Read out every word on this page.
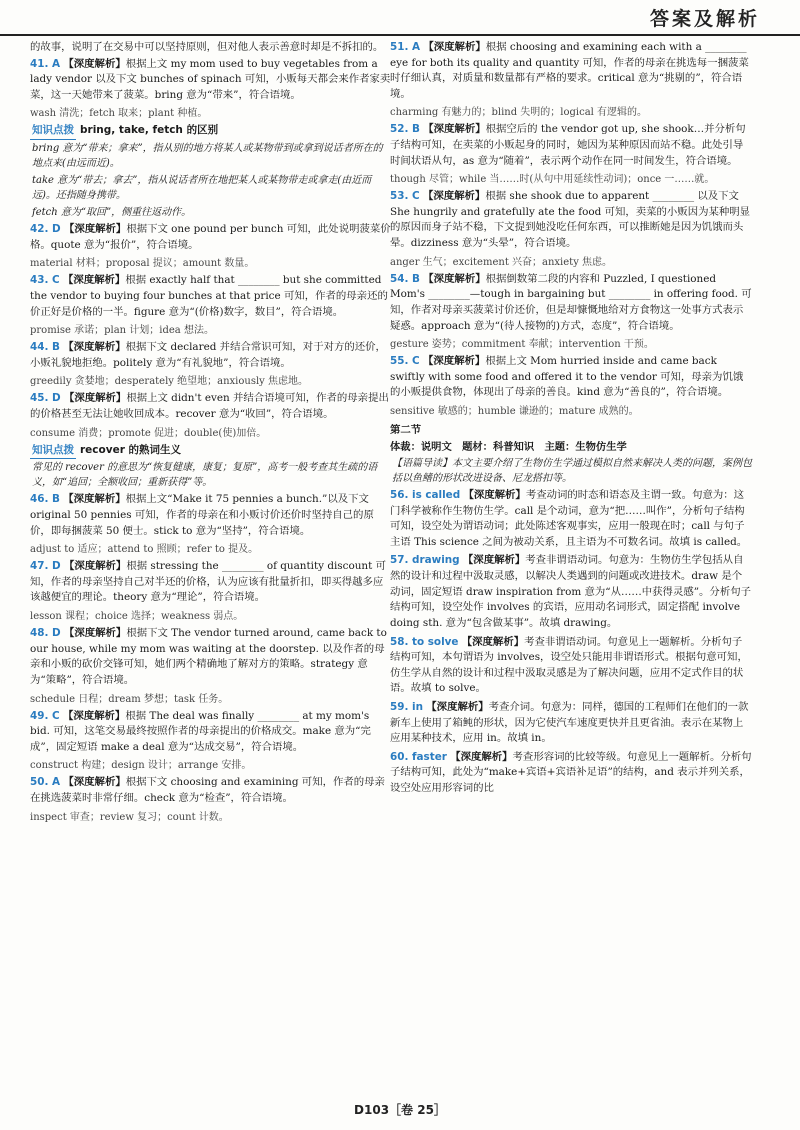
答案及解析

的故事，说明了在交易中可以坚持原则，但对他人表示善意时却是不拆扣的。

41. A 【深度解析】根据上文 my mom used to buy vegetables from a lady vendor 以及下文 bunches of spinach 可知，小贩每天都会来作者家卖菜，这一天她带来了菠菜。bring 意为“带来”，符合语境。

wash 清洗；fetch 取来；plant 种植。

知识点拨 bring, take, fetch 的区别

bring 意为“带来；拿来”，指从别的地方将某人或某物带到或拿到说话者所在的地点来(由远而近)。

take 意为“带去；拿去”，指从说话者所在地把某人或某物带走或拿走(由近而远)。还指随身携带。

fetch 意为“取回”，侧重往返动作。

42. D 【深度解析】根据下文 one pound per bunch 可知，此处说明菠菜价格。quote 意为“报价”，符合语境。

material 材料；proposal 提议；amount 数量。

43. C 【深度解析】根据 exactly half that ________ but she committed the vendor to buying four bunches at that price 可知，作者的母亲还的价正好是价格的一半。figure 意为“(价格)数字，数目”，符合语境。

promise 承诺；plan 计划；idea 想法。

44. B 【深度解析】根据下文 declared 并结合常识可知，对于对方的还价，小贩礼貌地拒绝。politely 意为“有礼貌地”，符合语境。

greedily 贪婪地；desperately 绝望地；anxiously 焦虑地。

45. D 【深度解析】根据上文 didn't even 并结合语境可知，作者的母亲提出的价格甚至无法让她收回成本。recover 意为“收回”，符合语境。

consume 消费；promote 促进；double(使)加倍。

知识点拨 recover 的熟词生义

常见的 recover 的意思为“恢复健康，康复；复原”，高考一般考查其生疏的语义，如“追回；全额收回；重新获得”等。

46. B 【深度解析】根据上文“Make it 75 pennies a bunch.”以及下文 original 50 pennies 可知，作者的母亲在和小贩讨价还价时坚持自己的原价，即每捆菠菜 50 便士。stick to 意为“坚持”，符合语境。

adjust to 适应；attend to 照顾；refer to 提及。

47. D 【深度解析】根据 stressing the ________ of quantity discount 可知，作者的母亲坚持自己对半还的价格，认为应该有批量折扣，即买得越多应该越便宜的理论。theory 意为“理论”，符合语境。

lesson 课程；choice 选择；weakness 弱点。

48. D 【深度解析】根据下文 The vendor turned around, came back to our house, while my mom was waiting at the doorstep. 以及作者的母亲和小贩的砍价交锋可知，她们两个精确地了解对方的策略。strategy 意为“策略”，符合语境。

schedule 日程；dream 梦想；task 任务。

49. C 【深度解析】根据 The deal was finally ________ at my mom's bid. 可知，这笔交易最终按照作者的母亲提出的价格成交。make 意为“完成”，固定短语 make a deal 意为“达成交易”，符合语境。

construct 构建；design 设计；arrange 安排。

50. A 【深度解析】根据下文 choosing and examining 可知，作者的母亲在挑选菠菜时非常仔细。check 意为“检查”，符合语境。

inspect 审查；review 复习；count 计数。

51. A 【深度解析】根据 choosing and examining each with a ________ eye for both its quality and quantity 可知，作者的母亲在挑选每一捆菠菜时仔细认真，对质量和数量都有严格的要求。critical 意为“挑剔的”，符合语境。

charming 有魅力的；blind 失明的；logical 有逻辑的。

52. B 【深度解析】根据空后的 the vendor got up, she shook…并分析句子结构可知，在卖菜的小贩起身的同时，她因为某种原因而站不稳。此处引导时间状语从句，as 意为“随着”，表示两个动作在同一时间发生，符合语境。

though 尽管；while 当……时(从句中用延续性动词)；once 一……就。

53. C 【深度解析】根据 she shook due to apparent ________ 以及下文 She hungrily and gratefully ate the food 可知，卖菜的小贩因为某种明显的原因而身子站不稳，下文提到她没吃任何东西，可以推断她是因为饥饿而头晕。dizziness 意为“头晕”，符合语境。

anger 生气；excitement 兴奋；anxiety 焦虑。

54. B 【深度解析】根据倒数第二段的内容和 Puzzled, I questioned Mom's ________—tough in bargaining but ________ in offering food. 可知，作者对母亲买菠菜讨价还价，但是却慷慨地给对方食物这一处事方式表示疑惑。approach 意为“(待人接物的)方式，态度”，符合语境。

gesture 姿势；commitment 奉献；intervention 干预。

55. C 【深度解析】根据上文 Mom hurried inside and came back swiftly with some food and offered it to the vendor 可知，母亲为饥饿的小贩提供食物，体现出了母亲的善良。kind 意为“善良的”，符合语境。

sensitive 敏感的；humble 谦逊的；mature 成熟的。

第二节

体裁：说明文　题材：科普知识　主题：生物仿生学

【语篇导读】本文主要介绍了生物仿生学通过模拟自然来解决人类的问题，案例包括以鱼鳍的形状改进设备、尼龙搭扣等。

56. is called 【深度解析】考查动词的时态和语态及主谓一致。句意为：这门科学被称作生物仿生学。call 是个动词，意为“把……叫作”，分析句子结构可知，设空处为谓语动词；此处陈述客观事实，应用一般现在时；call 与句子主语 This science 之间为被动关系，且主语为不可数名词。故填 is called。

57. drawing 【深度解析】考查非谓语动词。句意为：生物仿生学包括从自然的设计和过程中汲取灵感，以解决人类遇到的问题或改进技术。draw 是个动词，固定短语 draw inspiration from 意为“从……中获得灵感”。分析句子结构可知，设空处作 involves 的宾语，应用动名词形式，固定搭配 involve doing sth. 意为“包含做某事”。故填 drawing。

58. to solve 【深度解析】考查非谓语动词。句意见上一题解析。分析句子结构可知，本句谓语为 involves，设空处只能用非谓语形式。根据句意可知，仿生学从自然的设计和过程中汲取灵感是为了解决问题，应用不定式作目的状语。故填 to solve。

59. in 【深度解析】考查介词。句意为：同样，德国的工程师们在他们的一款新车上使用了箱鲀的形状，因为它使汽车速度更快并且更省油。表示在某物上应用某种技术，应用 in。故填 in。

60. faster 【深度解析】考查形容词的比较等级。句意见上一题解析。分析句子结构可知，此处为“make+宾语+宾语补足语”的结构，and 表示并列关系，设空处应用形容词的比

D103［卷 25］
